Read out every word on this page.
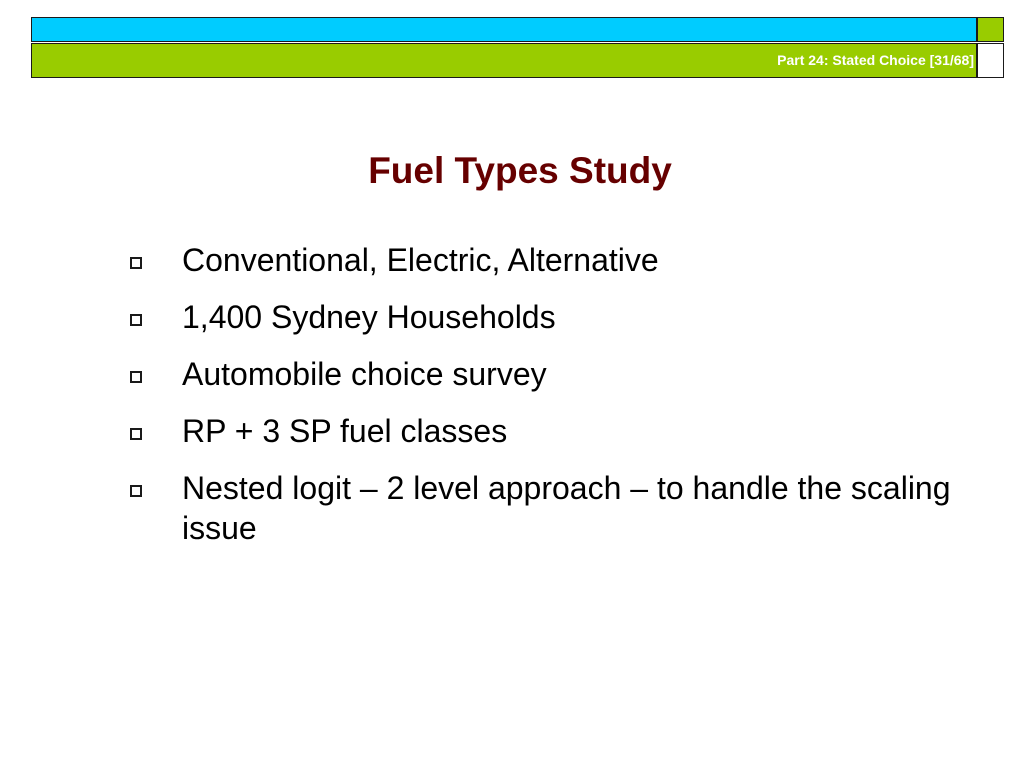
Part 24: Stated Choice [31/68]
Fuel Types Study
Conventional, Electric, Alternative
1,400 Sydney Households
Automobile choice survey
RP + 3 SP fuel classes
Nested logit – 2 level approach – to handle the scaling issue
